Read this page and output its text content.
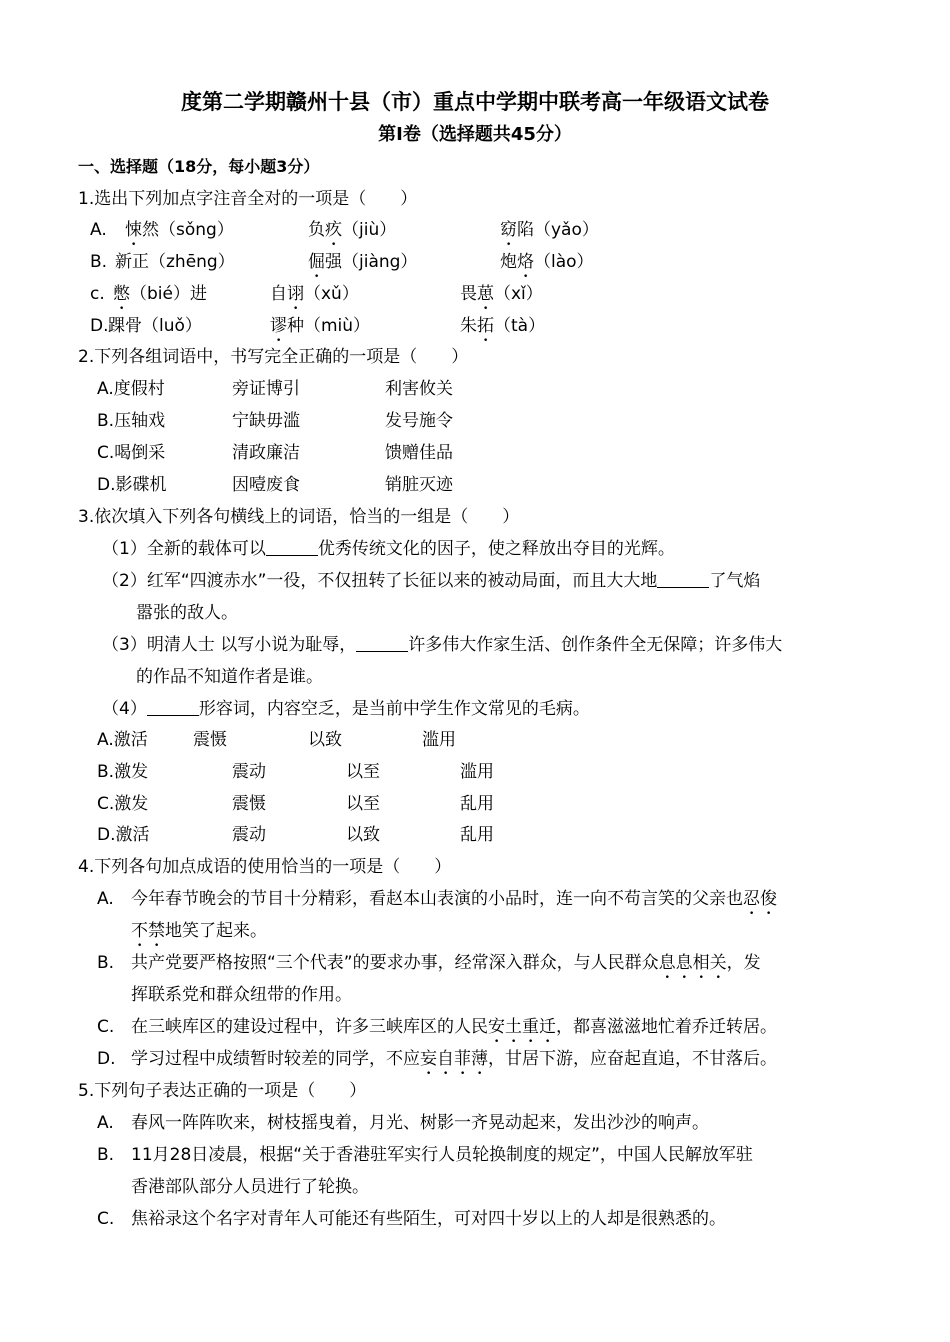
度第二学期赣州十县（市）重点中学期中联考高一年级语文试卷
第Ⅰ卷（选择题共45分）
一、选择题（18分，每小题3分）
1.选出下列加点字注音全对的一项是（　　）
A. 悚然（sǒng）	负疚（jiù）	窈陷（yǎo）
B. 新正（zhēng）	倔强（jiàng）	炮烙（lào）
c. 憋（bié）进	自诩（xǔ）	畏葸（xǐ）
D. 踝骨（luǒ）	谬种（miù）	朱拓（tà）
2.下列各组词语中，书写完全正确的一项是（　　）
A.度假村	旁证博引	利害攸关
B.压轴戏	宁缺毋滥	发号施令
C.喝倒采	清政廉洁	馈赠佳品
D.影碟机	因噎废食	销脏灭迹
3.依次填入下列各句横线上的词语，恰当的一组是（　　）
（1）全新的载体可以	优秀传统文化的因子，使之释放出夺目的光辉。
（2）红军“四渡赤水”一役，不仅扭转了长征以来的被动局面，而且大大地	了气焰
嚣张的敌人。
（3）明清人士 以写小说为耻辱，	许多伟大作家生活、创作条件全无保障；许多伟大
的作品不知道作者是谁。
（4）	形容词，内容空乏，是当前中学生作文常见的毛病。
A.激活	震慑	以致	滥用
B.激发	震动	以至	滥用
C.激发	震慑	以至	乱用
D.激活	震动	以致	乱用
4.下列各句加点成语的使用恰当的一项是（　　）
A. 今年春节晚会的节目十分精彩，看赵本山表演的小品时，连一向不苟言笑的父亲也忍俊
不禁地笑了起来。
B. 共产党要严格按照“三个代表”的要求办事，经常深入群众，与人民群众息息相关，发
挥联系党和群众纽带的作用。
C. 在三峡库区的建设过程中，许多三峡库区的人民安土重迁，都喜滋滋地忙着乔迁转居。
D. 学习过程中成绩暂时较差的同学，不应妄自菲薄，甘居下游，应奋起直追，不甘落后。
5.下列句子表达正确的一项是（　　）
A. 春风一阵阵吹来，树枝摇曳着，月光、树影一齐晃动起来，发出沙沙的响声。
B. 11月28日凌晨，根据“关于香港驻军实行人员轮换制度的规定”，中国人民解放军驻
香港部队部分人员进行了轮换。
C. 焦裕录这个名字对青年人可能还有些陌生，可对四十岁以上的人却是很熟悉的。
